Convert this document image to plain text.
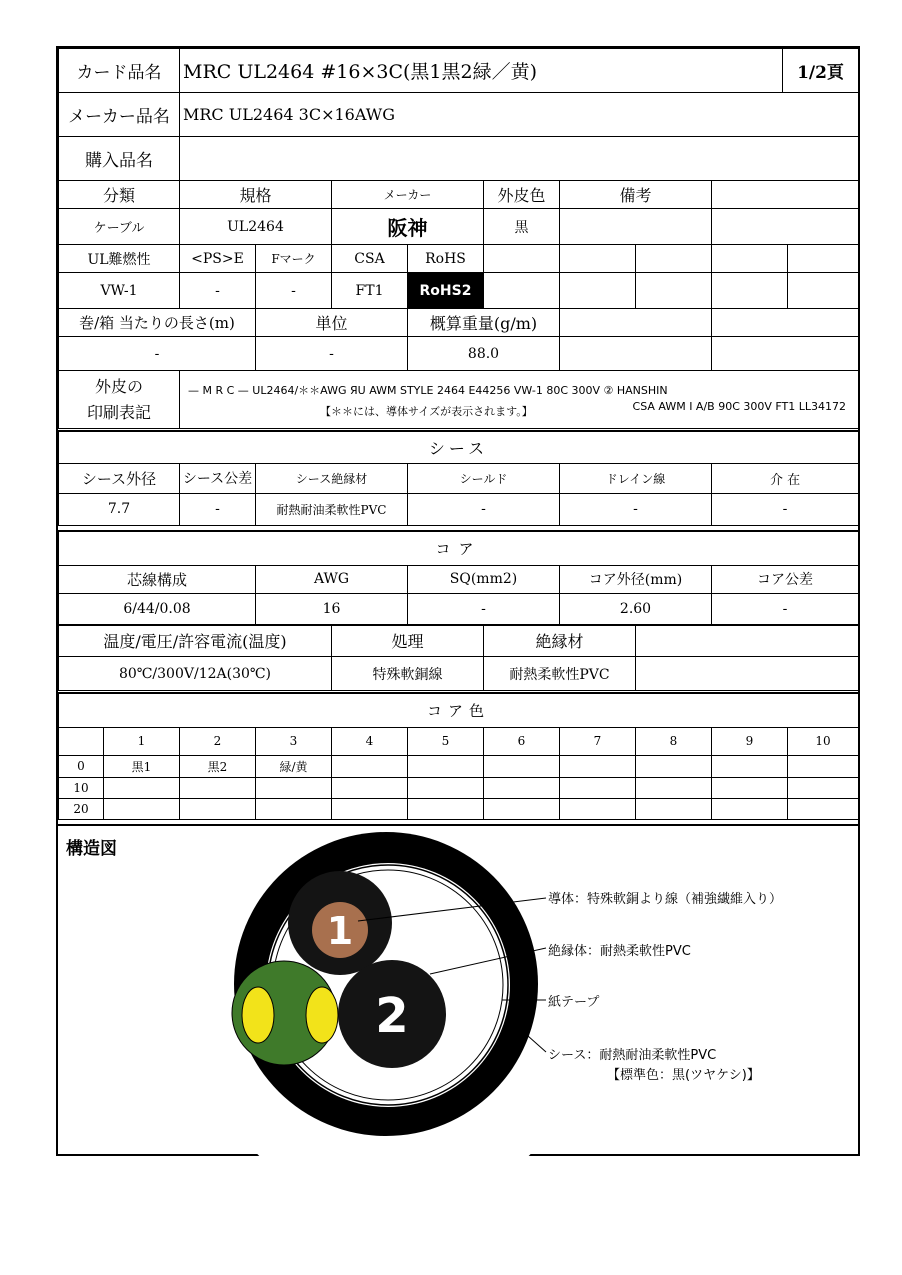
カード品名	MRC UL2464 #16×3C(黒1黒2緑／黄)	1/2頁
メーカー品名	MRC UL2464 3C×16AWG
購入品名	
分類	規格	メーカー	外皮色	備考	
ケーブル	UL2464	阪神	黒		
UL難燃性	<PS>E	Fマーク	CSA	RoHS					
VW-1	-	-	FT1	RoHS2					
巻/箱 当たりの長さ(m)	単位	概算重量(g/m)		
-	-	88.0		
外皮の
印刷表記

— M R C — UL2464/＊＊AWG ЯU AWM STYLE 2464 E44256 VW-1 80C 300V ② HANSHIN
【＊＊には、導体サイズが表示されます。】	CSA AWM I A/B 90C 300V FT1 LL34172
シース					
シース外径	シース公差	シース絶縁材	シールド	ドレイン線	介 在
7.7	-	耐熱耐油柔軟性PVC	-	-	-
コア				
芯線構成	AWG	SQ(mm2)	コア外径(mm)	コア公差
6/44/0.08	16	-	2.60	-
温度/電圧/許容電流(温度)	処理	絶縁材	
80℃/300V/12A(30℃)	特殊軟銅線	耐熱柔軟性PVC	
コア色										
	1	2	3	4	5	6	7	8	9	10
0	黒1	黒2	緑/黄							
10										
20										
構造図
1
2
導体：特殊軟銅より線（補強繊維入り）
絶縁体：耐熱柔軟性PVC
紙テープ
シース：耐熱耐油柔軟性PVC
【標準色：黒(ツヤケシ)】
